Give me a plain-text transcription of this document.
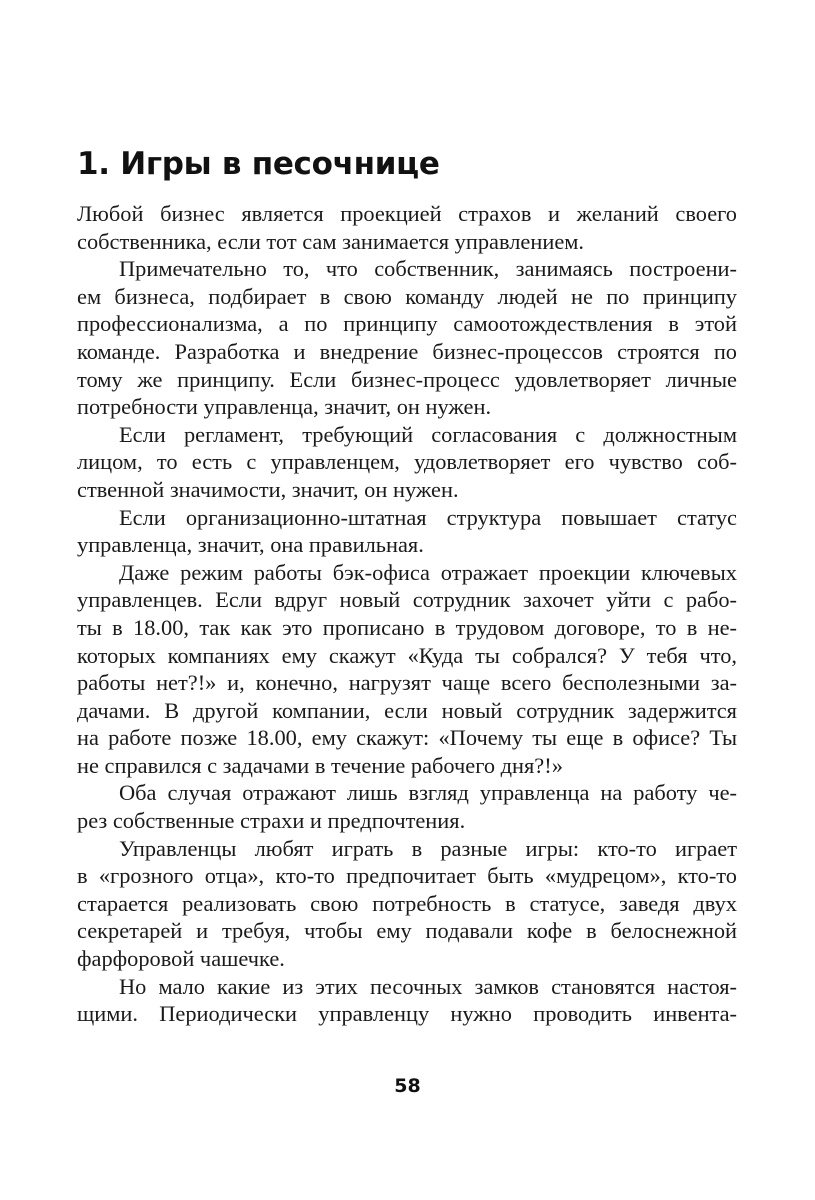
1. Игры в песочнице
Любой бизнес является проекцией страхов и желаний своего
собственника, если тот сам занимается управлением.
Примечательно то, что собственник, занимаясь построени-
ем бизнеса, подбирает в свою команду людей не по принципу
профессионализма, а по принципу самоотождествления в этой
команде. Разработка и внедрение бизнес-процессов строятся по
тому же принципу. Если бизнес-процесс удовлетворяет личные
потребности управленца, значит, он нужен.
Если регламент, требующий согласования с должностным
лицом, то есть с управленцем, удовлетворяет его чувство соб-
ственной значимости, значит, он нужен.
Если организационно-штатная структура повышает статус
управленца, значит, она правильная.
Даже режим работы бэк-офиса отражает проекции ключевых
управленцев. Если вдруг новый сотрудник захочет уйти с рабо-
ты в 18.00, так как это прописано в трудовом договоре, то в не-
которых компаниях ему скажут «Куда ты собрался? У тебя что,
работы нет?!» и, конечно, нагрузят чаще всего бесполезными за-
дачами. В другой компании, если новый сотрудник задержится
на работе позже 18.00, ему скажут: «Почему ты еще в офисе? Ты
не справился с задачами в течение рабочего дня?!»
Оба случая отражают лишь взгляд управленца на работу че-
рез собственные страхи и предпочтения.
Управленцы любят играть в разные игры: кто-то играет
в «грозного отца», кто-то предпочитает быть «мудрецом», кто-то
старается реализовать свою потребность в статусе, заведя двух
секретарей и требуя, чтобы ему подавали кофе в белоснежной
фарфоровой чашечке.
Но мало какие из этих песочных замков становятся настоя-
щими. Периодически управленцу нужно проводить инвента-
58
